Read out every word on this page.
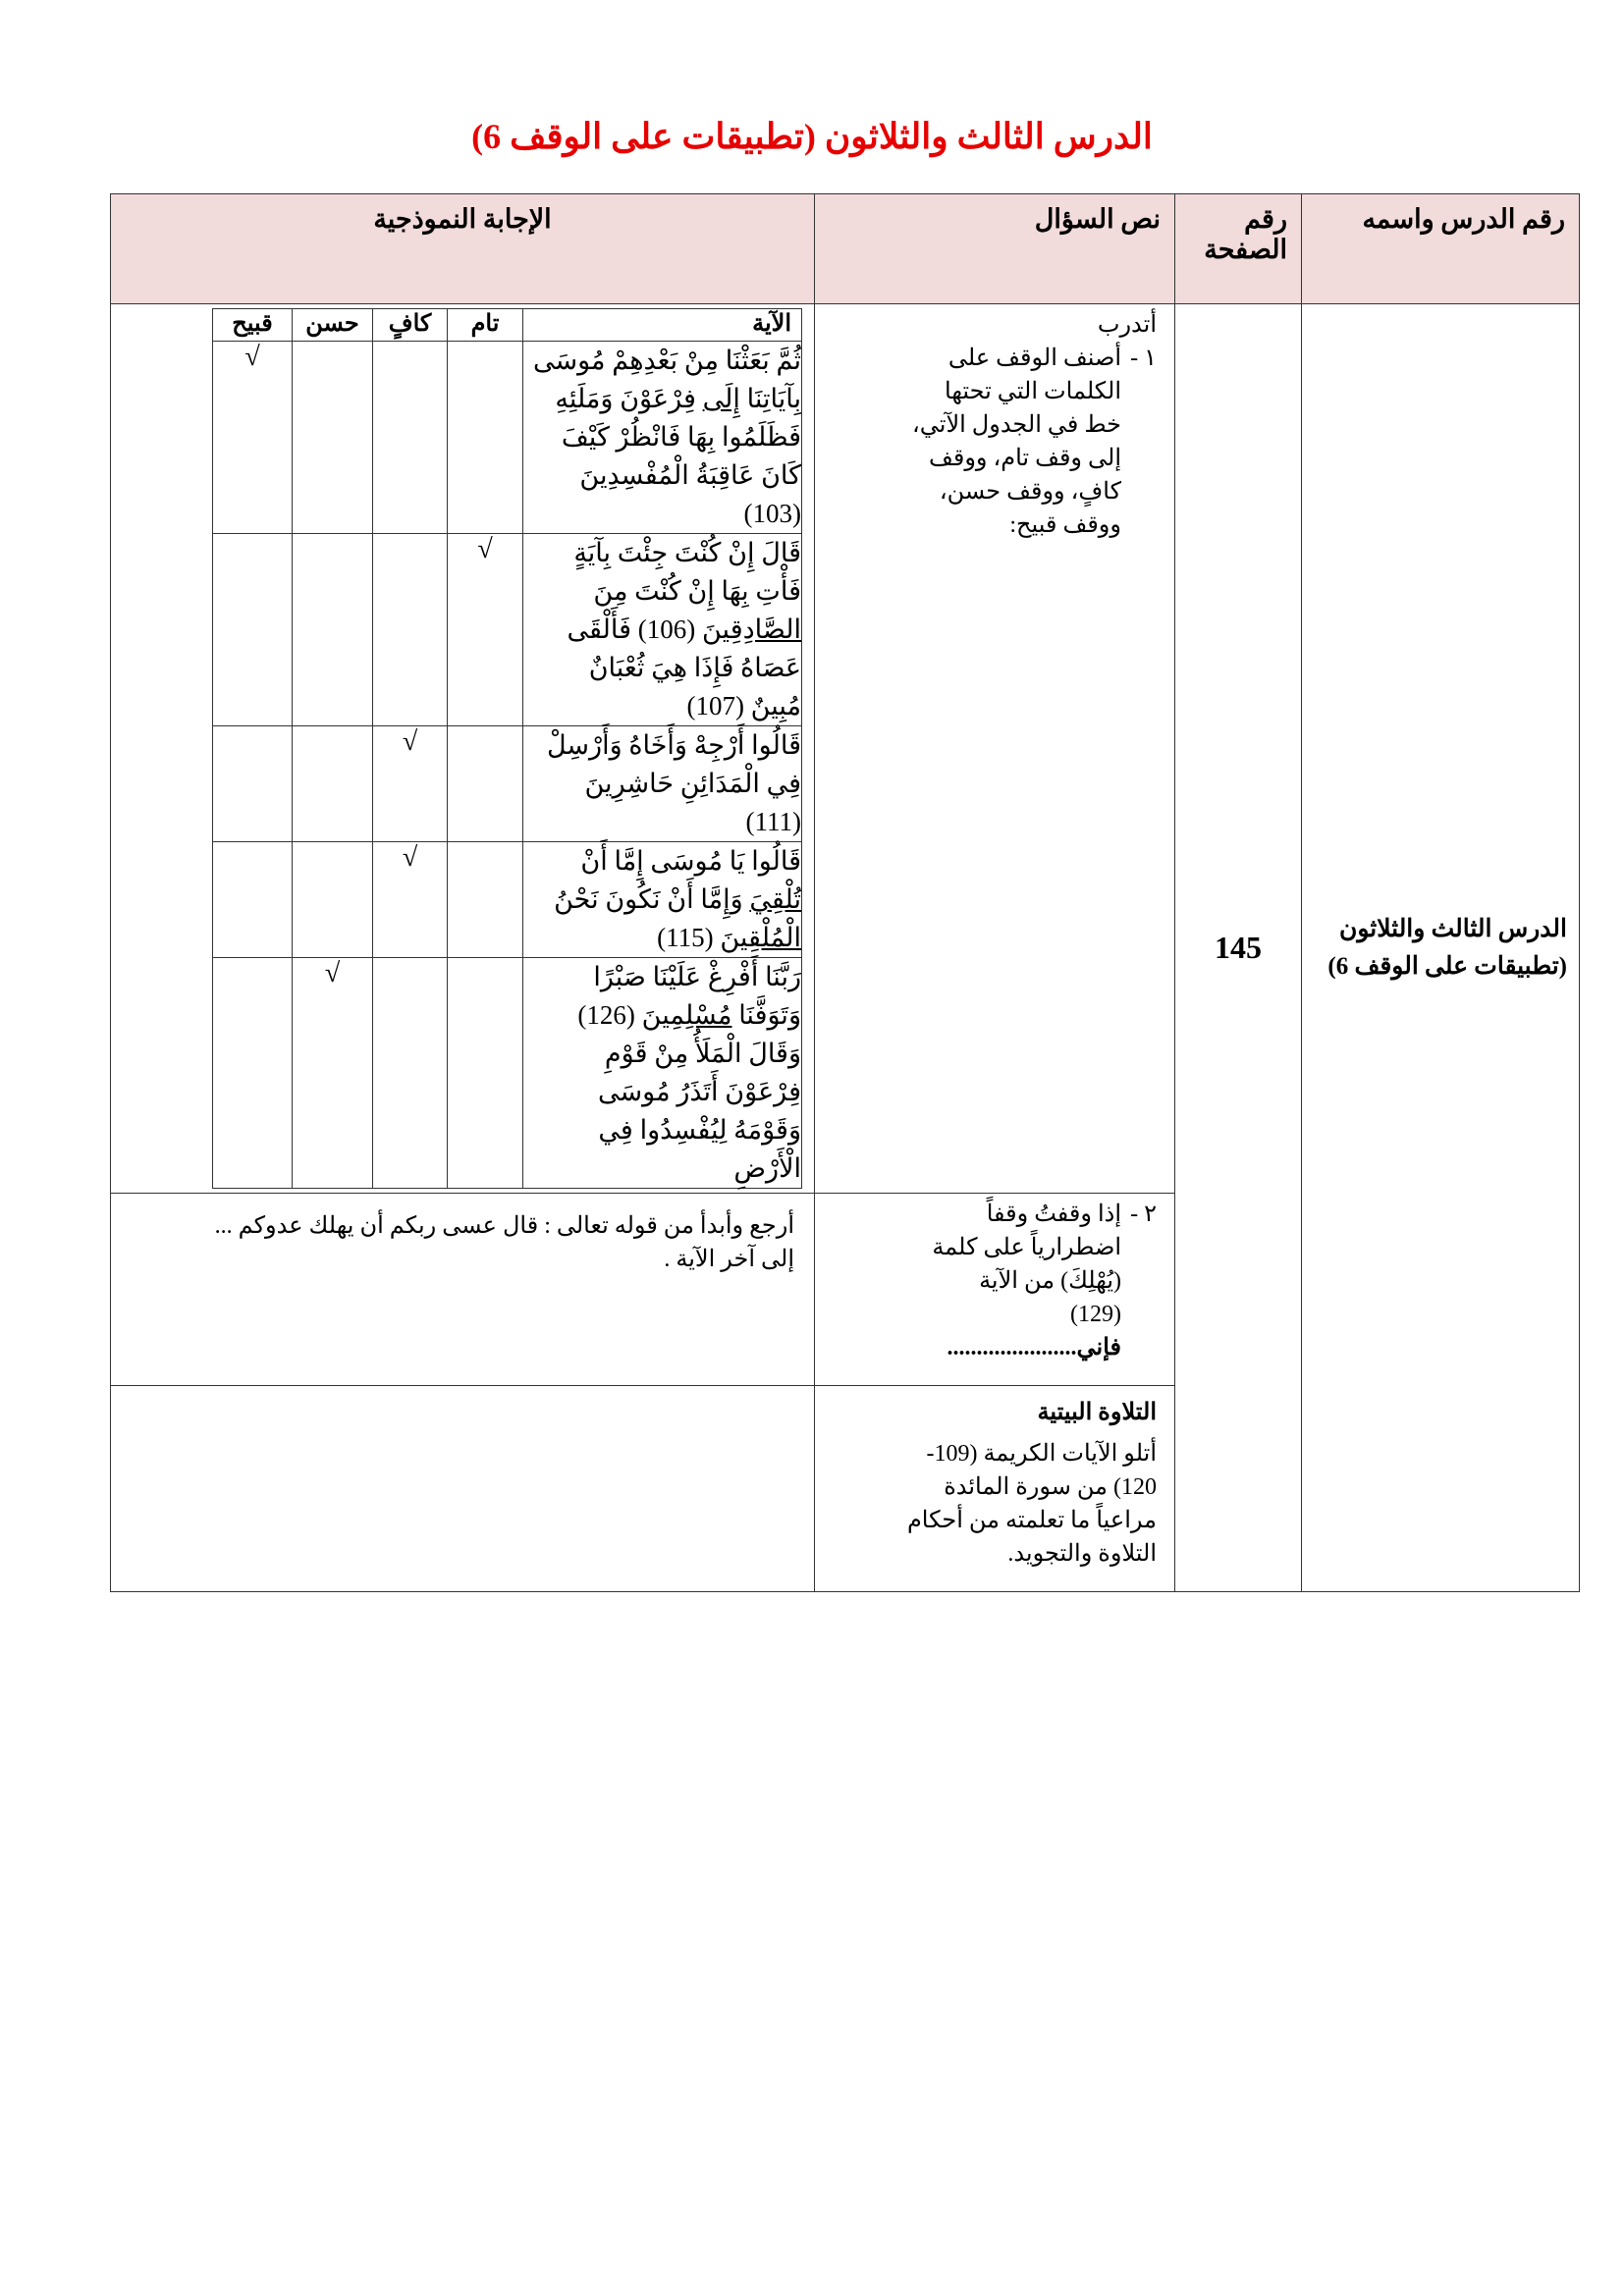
الدرس الثالث والثلاثون (تطبيقات على الوقف 6)
رقم الدرس واسمه	رقم الصفحة	نص السؤال	الإجابة النموذجية
الدرس الثالث والثلاثون (تطبيقات على الوقف 6)	145	
أتدرب
١ -أصنف الوقف على
الكلمات التي تحتها
خط في الجدول الآتي،
إلى وقف تام، ووقف
كافٍ، ووقف حسن،
ووقف قبيح:

الآية	تام	كافٍ	حسن	قبيح

ثُمَّ بَعَثْنَا مِنْ بَعْدِهِمْ مُوسَى
بِآيَاتِنَا إِلَى فِرْعَوْنَ وَمَلَئِهِ
فَظَلَمُوا بِهَا فَانْظُرْ كَيْفَ
كَانَ عَاقِبَةُ الْمُفْسِدِينَ
(103)
				√

قَالَ إِنْ كُنْتَ جِئْتَ بِآيَةٍ
فَأْتِ بِهَا إِنْ كُنْتَ مِنَ
الصَّادِقِينَ (106) فَأَلْقَى
عَصَاهُ فَإِذَا هِيَ ثُعْبَانٌ
مُبِينٌ (107)
	√			

قَالُوا أَرْجِهْ وَأَخَاهُ وَأَرْسِلْ
فِي الْمَدَائِنِ حَاشِرِينَ
(111)
		√		

قَالُوا يَا مُوسَى إِمَّا أَنْ
تُلْقِيَ وَإِمَّا أَنْ نَكُونَ نَحْنُ
الْمُلْقِينَ (115)
		√		

رَبَّنَا أَفْرِغْ عَلَيْنَا صَبْرًا
وَتَوَفَّنَا مُسْلِمِينَ (126)
وَقَالَ الْمَلَأُ مِنْ قَوْمِ
فِرْعَوْنَ أَتَذَرُ مُوسَى
وَقَوْمَهُ لِيُفْسِدُوا فِي
الْأَرْضِ
			√	

٢ -إذا وقفتُ وقفاً
اضطرارياً على كلمة
(يُهْلِكَ) من الآية
(129)
فإني......................

أرجع وأبدأ من قوله تعالى : قال عسى ربكم أن يهلك عدوكم ...
إلى آخر الآية .

التلاوة البيتية
أتلو الآيات الكريمة (109-
120) من سورة المائدة
مراعياً ما تعلمته من أحكام
التلاوة والتجويد.
